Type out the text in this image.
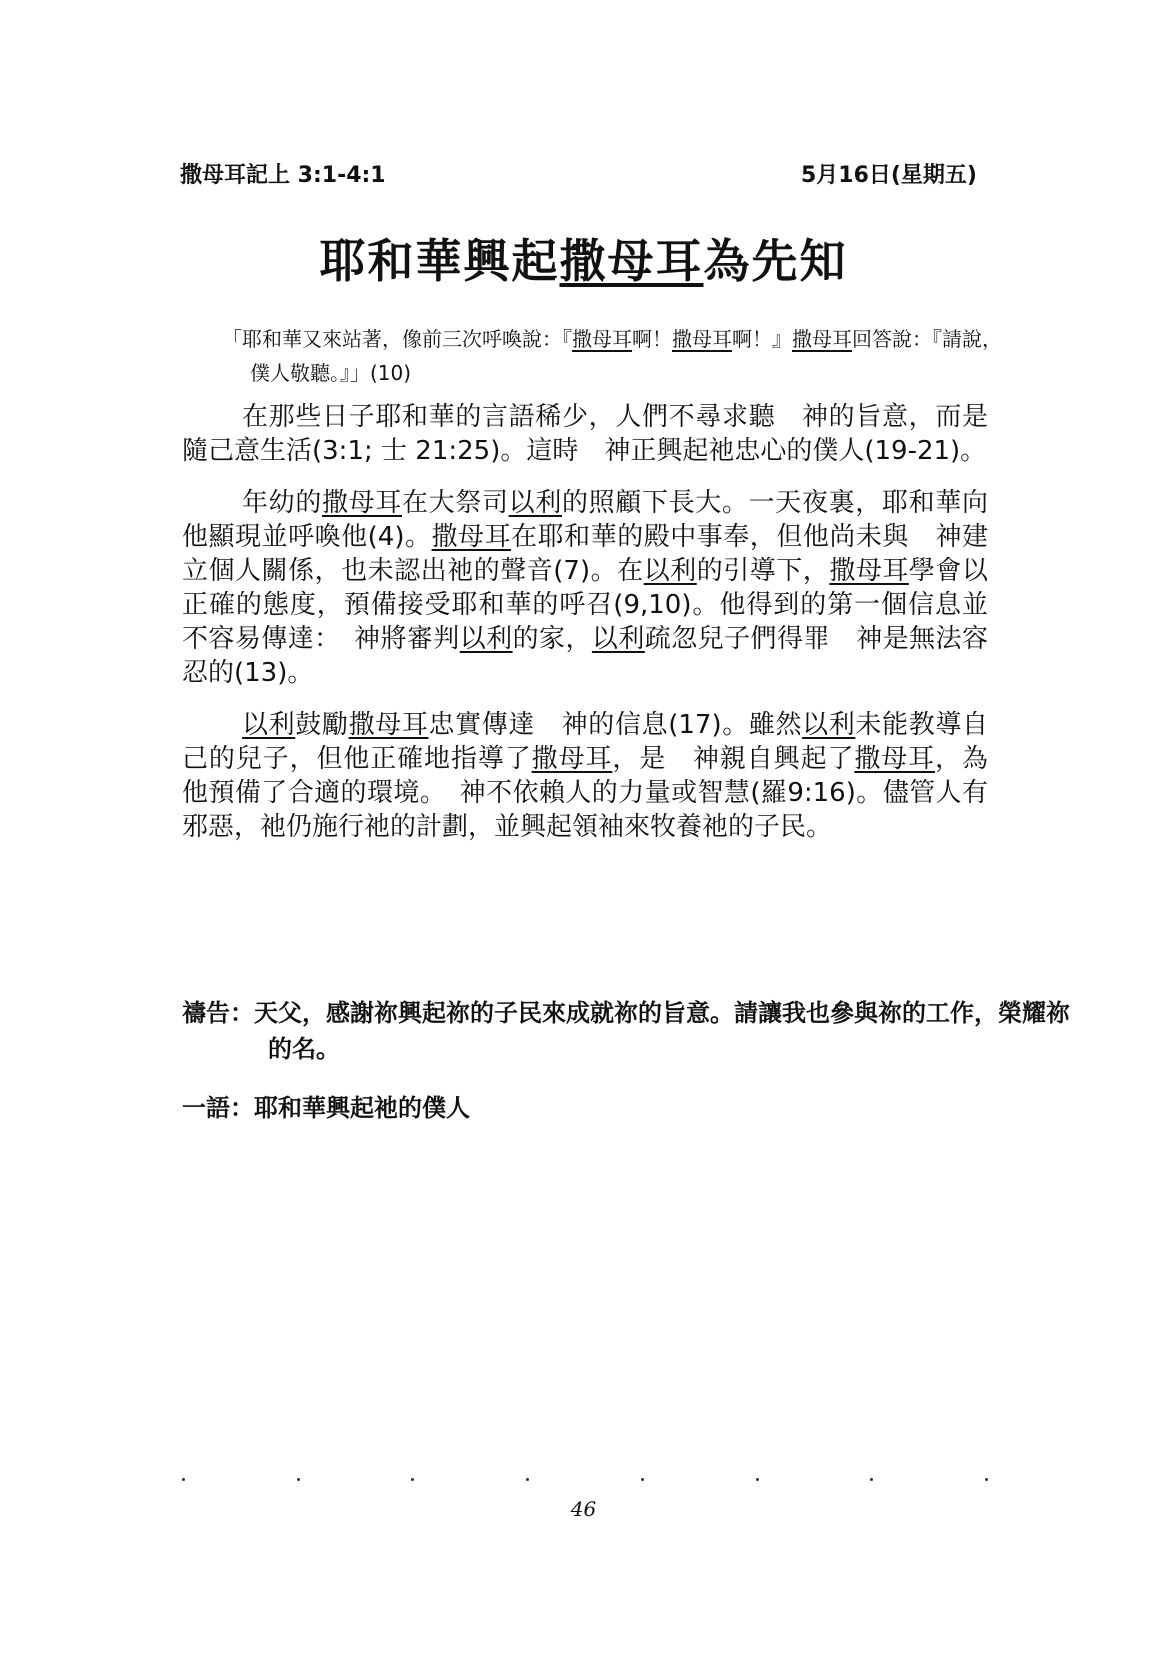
撒母耳記上 3:1-4:1	5月16日(星期五)
耶和華興起撒母耳為先知
「耶和華又來站著，像前三次呼喚說：『撒母耳啊！撒母耳啊！』撒母耳回答說：『請說，僕人敬聽。』」(10)

在那些日子耶和華的言語稀少，人們不尋求聽　神的旨意，而是隨己意生活(3:1; 士 21:25)。這時　神正興起祂忠心的僕人(19-21)。

年幼的撒母耳在大祭司以利的照顧下長大。一天夜裏，耶和華向他顯現並呼喚他(4)。撒母耳在耶和華的殿中事奉，但他尚未與　神建立個人關係，也未認出祂的聲音(7)。在以利的引導下，撒母耳學會以正確的態度，預備接受耶和華的呼召(9,10)。他得到的第一個信息並不容易傳達：　神將審判以利的家，以利疏忽兒子們得罪　神是無法容忍的(13)。

以利鼓勵撒母耳忠實傳達　神的信息(17)。雖然以利未能教導自己的兒子，但他正確地指導了撒母耳，是　神親自興起了撒母耳，為他預備了合適的環境。　神不依賴人的力量或智慧(羅9:16)。儘管人有邪惡，祂仍施行祂的計劃，並興起領袖來牧養祂的子民。

禱告：天父，感謝祢興起祢的子民來成就祢的旨意。請讓我也參與祢的工作，榮耀祢的名。
一語：耶和華興起祂的僕人
46
